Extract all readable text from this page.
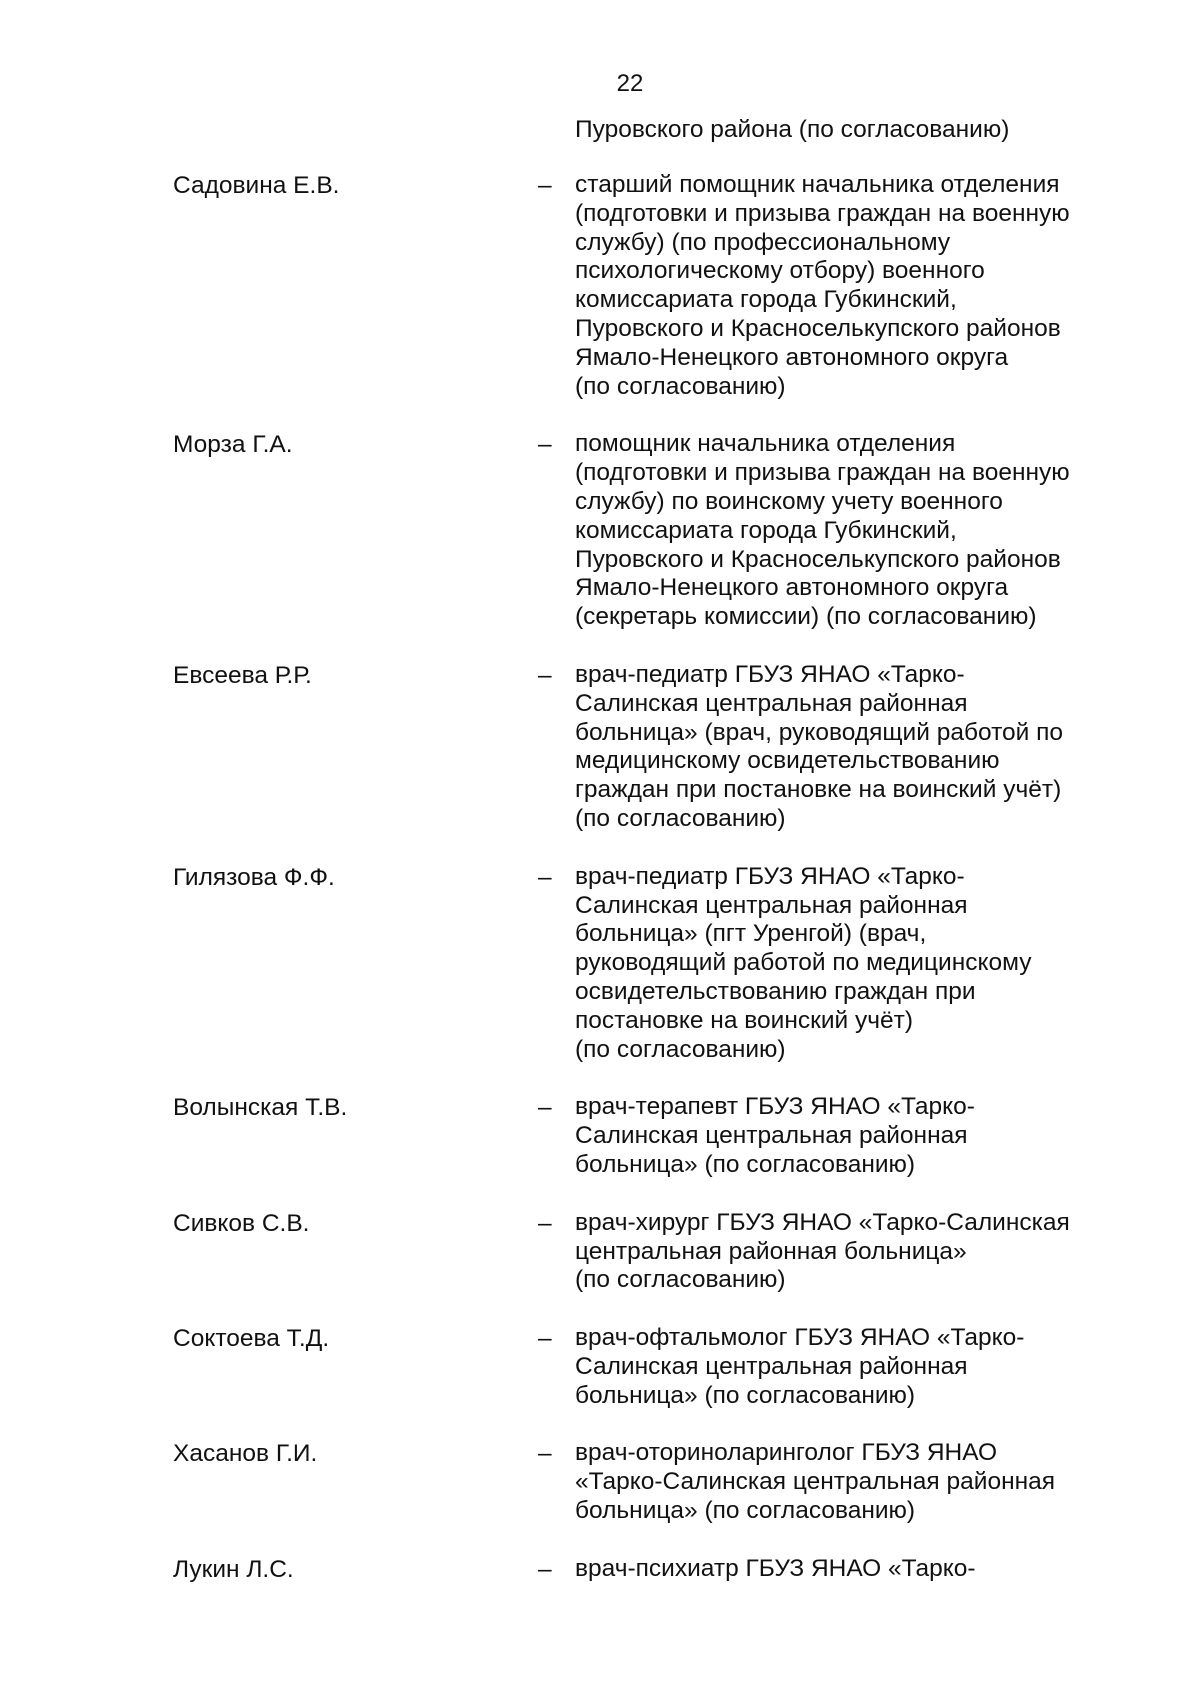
22
Пуровского района (по согласованию)
Садовина Е.В.	– старший помощник начальника отделения
(подготовки и призыва граждан на военную
службу) (по профессиональному
психологическому отбору) военного
комиссариата города Губкинский,
Пуровского и Красноселькупского районов
Ямало-Ненецкого автономного округа
(по согласованию)
Морза Г.А.	– помощник начальника отделения
(подготовки и призыва граждан на военную
службу) по воинскому учету военного
комиссариата города Губкинский,
Пуровского и Красноселькупского районов
Ямало-Ненецкого автономного округа
(секретарь комиссии) (по согласованию)
Евсеева Р.Р.	– врач-педиатр ГБУЗ ЯНАО «Тарко-
Салинская центральная районная
больница» (врач, руководящий работой по
медицинскому освидетельствованию
граждан при постановке на воинский учёт)
(по согласованию)
Гилязова Ф.Ф.	– врач-педиатр ГБУЗ ЯНАО «Тарко-
Салинская центральная районная
больница» (пгт Уренгой) (врач,
руководящий работой по медицинскому
освидетельствованию граждан при
постановке на воинский учёт)
(по согласованию)
Волынская Т.В.	– врач-терапевт ГБУЗ ЯНАО «Тарко-
Салинская центральная районная
больница» (по согласованию)
Сивков С.В.	– врач-хирург ГБУЗ ЯНАО «Тарко-Салинская
центральная районная больница»
(по согласованию)
Соктоева Т.Д.	– врач-офтальмолог ГБУЗ ЯНАО «Тарко-
Салинская центральная районная
больница» (по согласованию)
Хасанов Г.И.	– врач-оториноларинголог ГБУЗ ЯНАО
«Тарко-Салинская центральная районная
больница» (по согласованию)
Лукин Л.С.	– врач-психиатр ГБУЗ ЯНАО «Тарко-
